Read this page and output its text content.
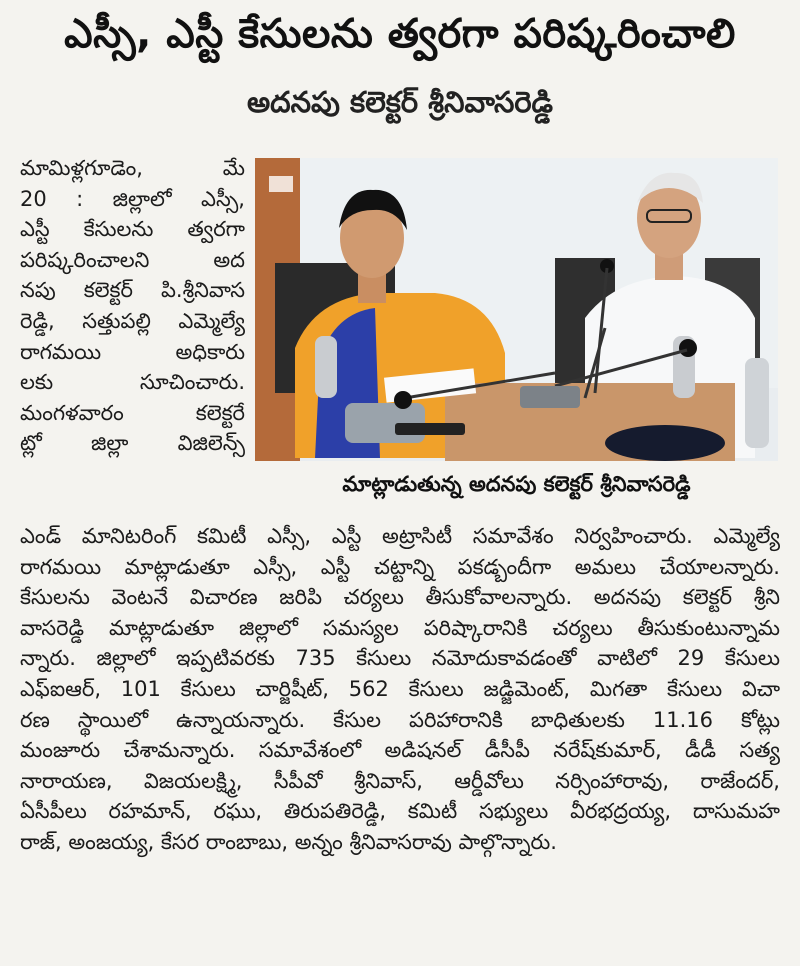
ఎస్సీ, ఎస్టీ కేసులను త్వరగా పరిష్కరించాలి
అదనపు కలెక్టర్ శ్రీనివాసరెడ్డి
మామిళ్లగూడెం, మే
20 : జిల్లాలో ఎస్సీ,
ఎస్టీ కేసులను త్వరగా
పరిష్కరించాలని అద
నపు కలెక్టర్ పి.శ్రీనివాస
రెడ్డి, సత్తుపల్లి ఎమ్మెల్యే
రాగమయి అధికారు
లకు సూచించారు.
మంగళవారం కలెక్టరే
ట్లో జిల్లా విజిలెన్స్
మాట్లాడుతున్న అదనపు కలెక్టర్ శ్రీనివాసరెడ్డి
ఎండ్ మానిటరింగ్ కమిటీ ఎస్సీ, ఎస్టీ అట్రాసిటీ సమావేశం నిర్వహించారు. ఎమ్మెల్యే
రాగమయి మాట్లాడుతూ ఎస్సీ, ఎస్టీ చట్టాన్ని పకడ్బందీగా అమలు చేయాలన్నారు.
కేసులను వెంటనే విచారణ జరిపి చర్యలు తీసుకోవాలన్నారు. అదనపు కలెక్టర్ శ్రీని
వాసరెడ్డి మాట్లాడుతూ జిల్లాలో సమస్యల పరిష్కారానికి చర్యలు తీసుకుంటున్నామ
న్నారు. జిల్లాలో ఇప్పటివరకు 735 కేసులు నమోదుకావడంతో వాటిలో 29 కేసులు
ఎఫ్ఐఆర్, 101 కేసులు చార్జిషీట్, 562 కేసులు జడ్జిమెంట్, మిగతా కేసులు విచా
రణ స్థాయిలో ఉన్నాయన్నారు. కేసుల పరిహారానికి బాధితులకు 11.16 కోట్లు
మంజూరు చేశామన్నారు. సమావేశంలో అడిషనల్ డీసీపీ నరేష్‌కుమార్, డీడీ సత్య
నారాయణ, విజయలక్ష్మి, సీపీవో శ్రీనివాస్, ఆర్డీవోలు నర్సింహారావు, రాజేందర్,
ఏసీపీలు రహమాన్, రఘు, తిరుపతిరెడ్డి, కమిటీ సభ్యులు వీరభద్రయ్య, దాసుమహ
రాజ్, అంజయ్య, కేసర రాంబాబు, అన్నం శ్రీనివాసరావు పాల్గొన్నారు.
